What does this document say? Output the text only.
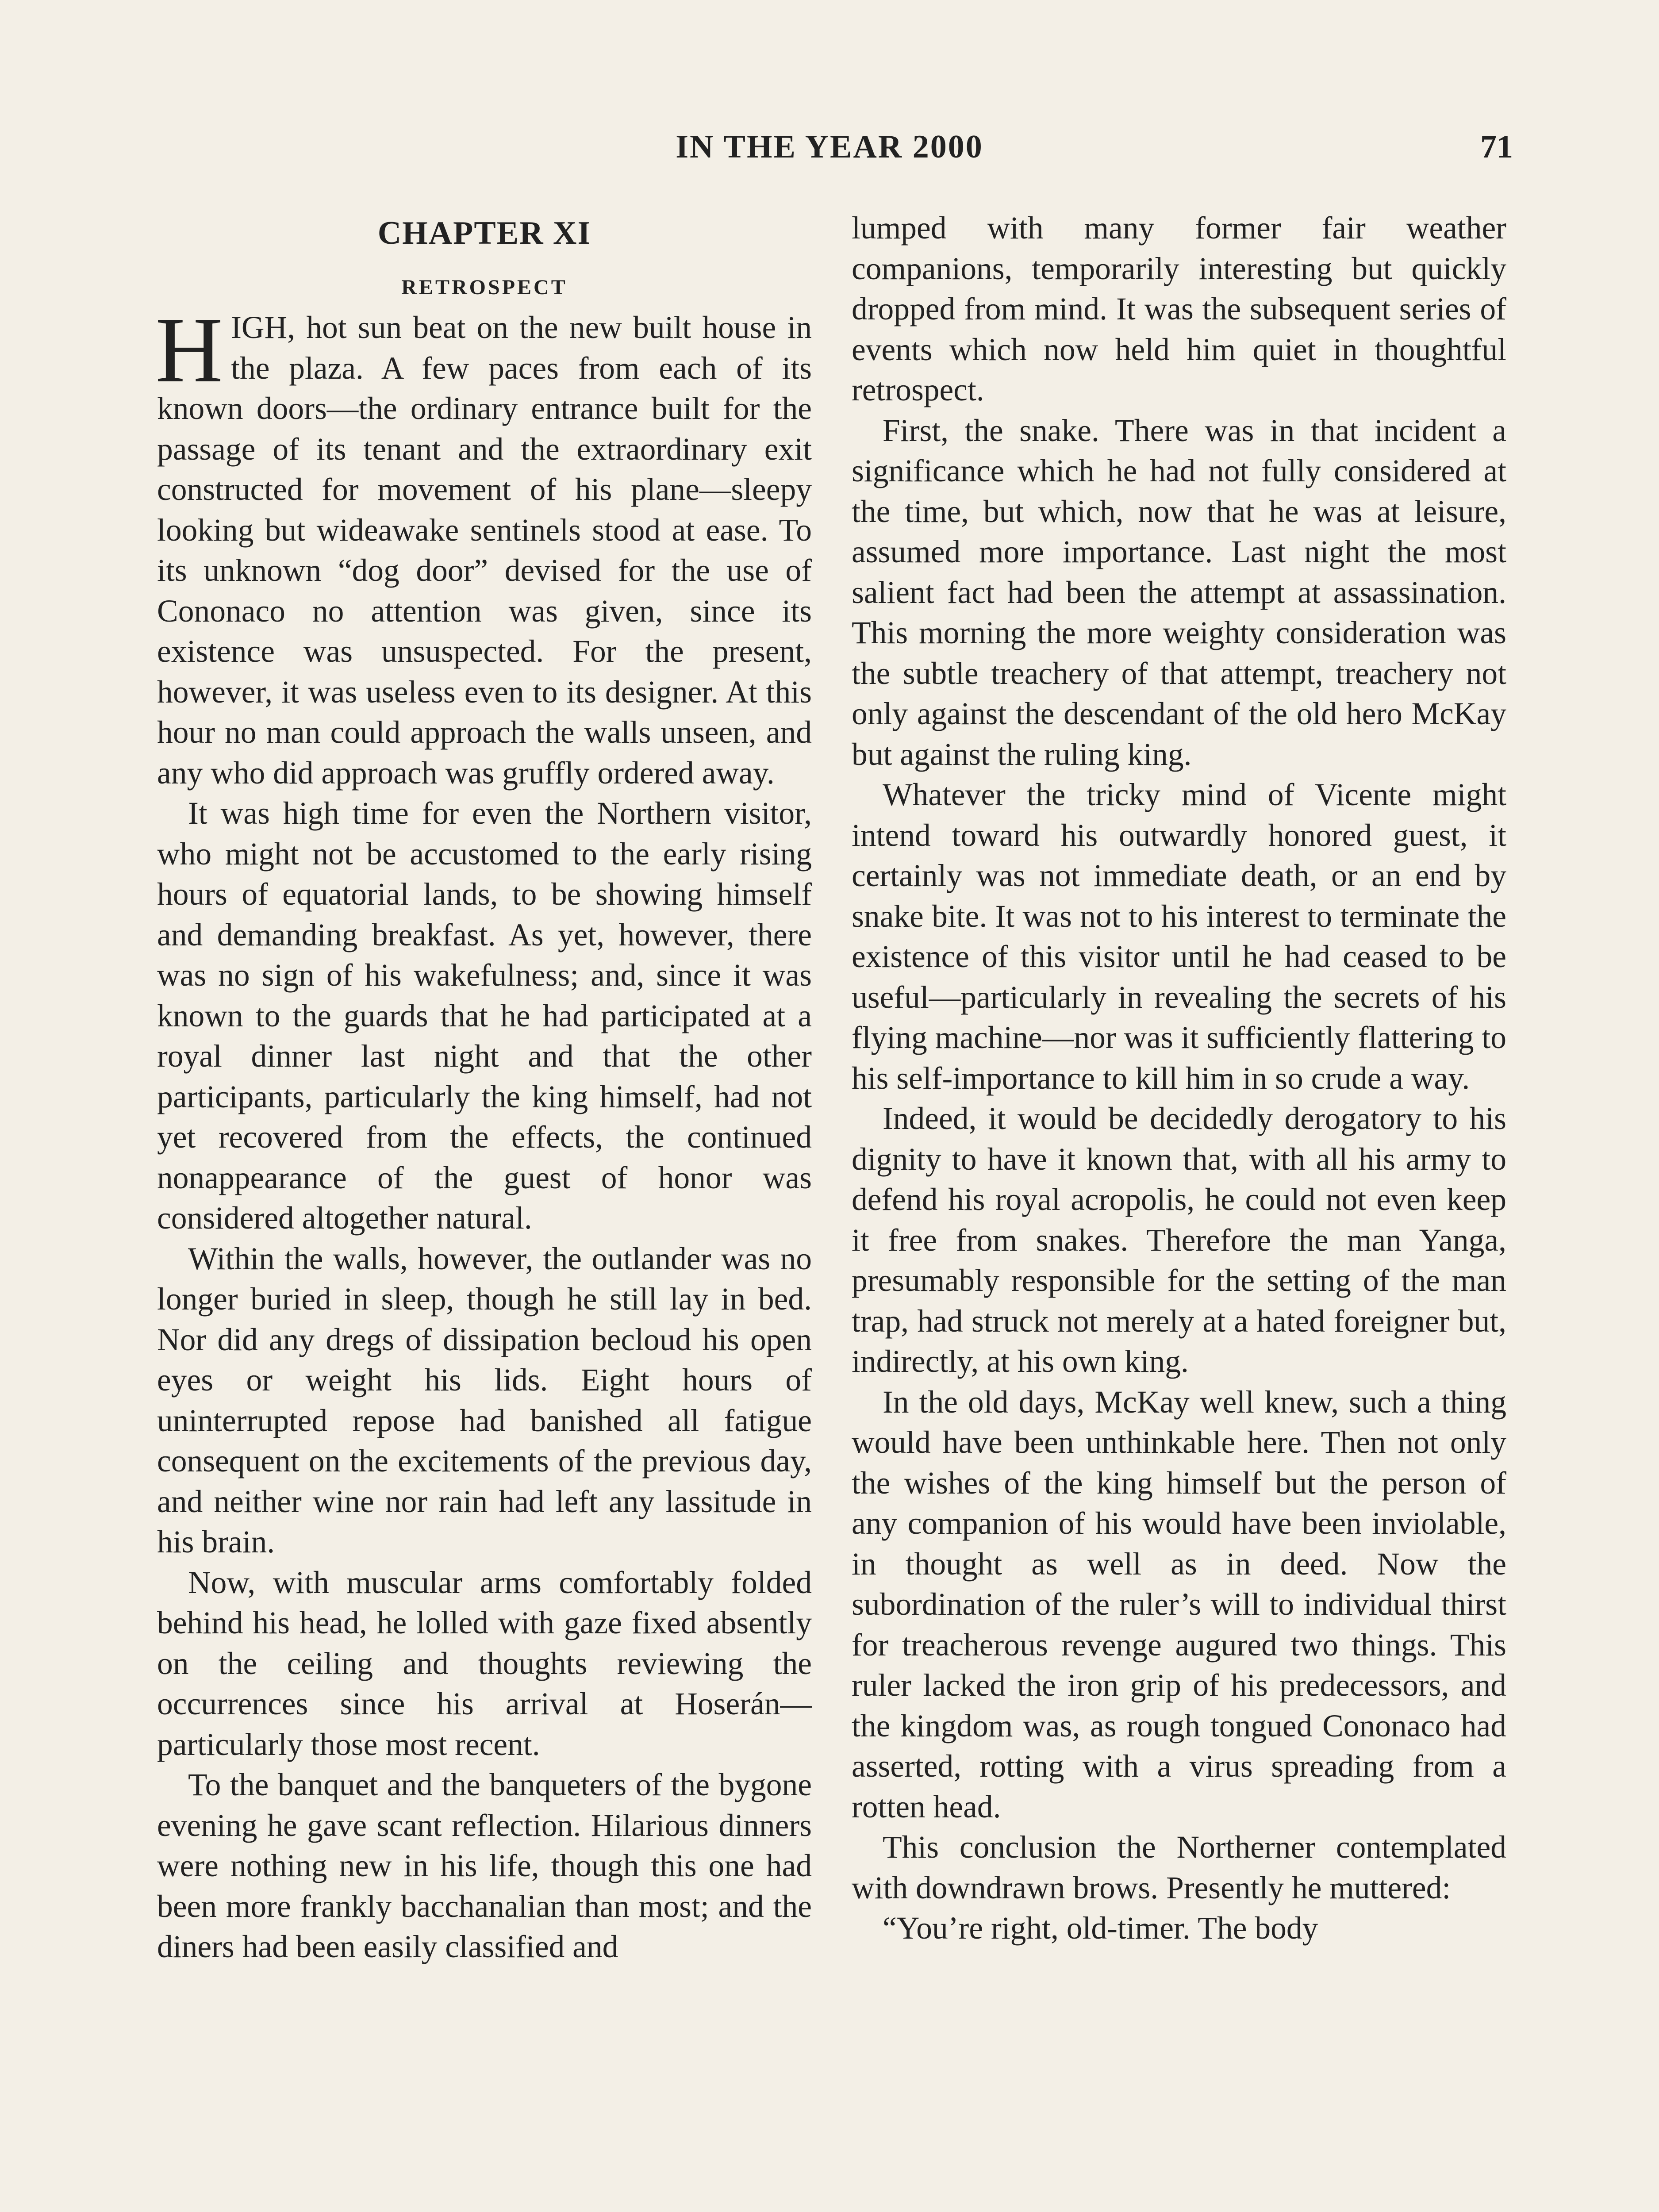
IN THE YEAR 2000	71
CHAPTER XI
RETROSPECT

HIGH, hot sun beat on the new built house in the plaza. A few paces from each of its known doors—the ordinary entrance built for the passage of its tenant and the extraordinary exit constructed for movement of his plane—sleepy looking but wideawake sentinels stood at ease. To its unknown “dog door” devised for the use of Cononaco no attention was given, since its existence was unsuspected. For the present, however, it was useless even to its designer. At this hour no man could approach the walls unseen, and any who did approach was gruffly ordered away.

It was high time for even the Northern visitor, who might not be accustomed to the early rising hours of equatorial lands, to be showing himself and demanding breakfast. As yet, however, there was no sign of his wakefulness; and, since it was known to the guards that he had participated at a royal dinner last night and that the other participants, particularly the king himself, had not yet recovered from the effects, the continued nonappearance of the guest of honor was considered altogether natural.

Within the walls, however, the outlander was no longer buried in sleep, though he still lay in bed. Nor did any dregs of dissipation becloud his open eyes or weight his lids. Eight hours of uninterrupted repose had banished all fatigue consequent on the excitements of the previous day, and neither wine nor rain had left any lassitude in his brain.

Now, with muscular arms comfortably folded behind his head, he lolled with gaze fixed absently on the ceiling and thoughts reviewing the occurrences since his arrival at Hoserán—particularly those most recent.

To the banquet and the banqueters of the bygone evening he gave scant reflection. Hilarious dinners were nothing new in his life, though this one had been more frankly bacchanalian than most; and the diners had been easily classified and

lumped with many former fair weather companions, temporarily interesting but quickly dropped from mind. It was the subsequent series of events which now held him quiet in thoughtful retrospect.

First, the snake. There was in that incident a significance which he had not fully considered at the time, but which, now that he was at leisure, assumed more importance. Last night the most salient fact had been the attempt at assassination. This morning the more weighty consideration was the subtle treachery of that attempt, treachery not only against the descendant of the old hero McKay but against the ruling king.

Whatever the tricky mind of Vicente might intend toward his outwardly honored guest, it certainly was not immediate death, or an end by snake bite. It was not to his interest to terminate the existence of this visitor until he had ceased to be useful—particularly in revealing the secrets of his flying machine—nor was it sufficiently flattering to his self-importance to kill him in so crude a way.

Indeed, it would be decidedly derogatory to his dignity to have it known that, with all his army to defend his royal acropolis, he could not even keep it free from snakes. Therefore the man Yanga, presumably responsible for the setting of the man trap, had struck not merely at a hated foreigner but, indirectly, at his own king.

In the old days, McKay well knew, such a thing would have been unthinkable here. Then not only the wishes of the king himself but the person of any companion of his would have been inviolable, in thought as well as in deed. Now the subordination of the ruler’s will to individual thirst for treacherous revenge augured two things. This ruler lacked the iron grip of his predecessors, and the kingdom was, as rough tongued Cononaco had asserted, rotting with a virus spreading from a rotten head.

This conclusion the Northerner contemplated with downdrawn brows. Presently he muttered:

“You’re right, old-timer. The body
